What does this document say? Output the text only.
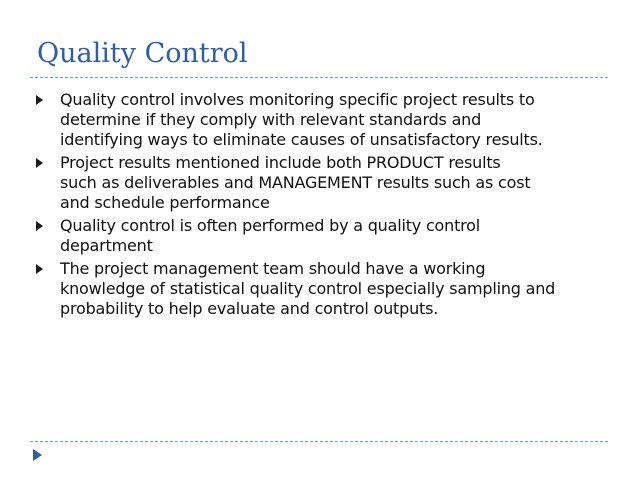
Quality Control
Quality control involves monitoring specific project results to
determine if they comply with relevant standards and
identifying ways to eliminate causes of unsatisfactory results.
Project results mentioned include both PRODUCT results
such as deliverables and MANAGEMENT results such as cost
and schedule performance
Quality control is often performed by a quality control
department
The project management team should have a working
knowledge of statistical quality control especially sampling and
probability to help evaluate and control outputs.
